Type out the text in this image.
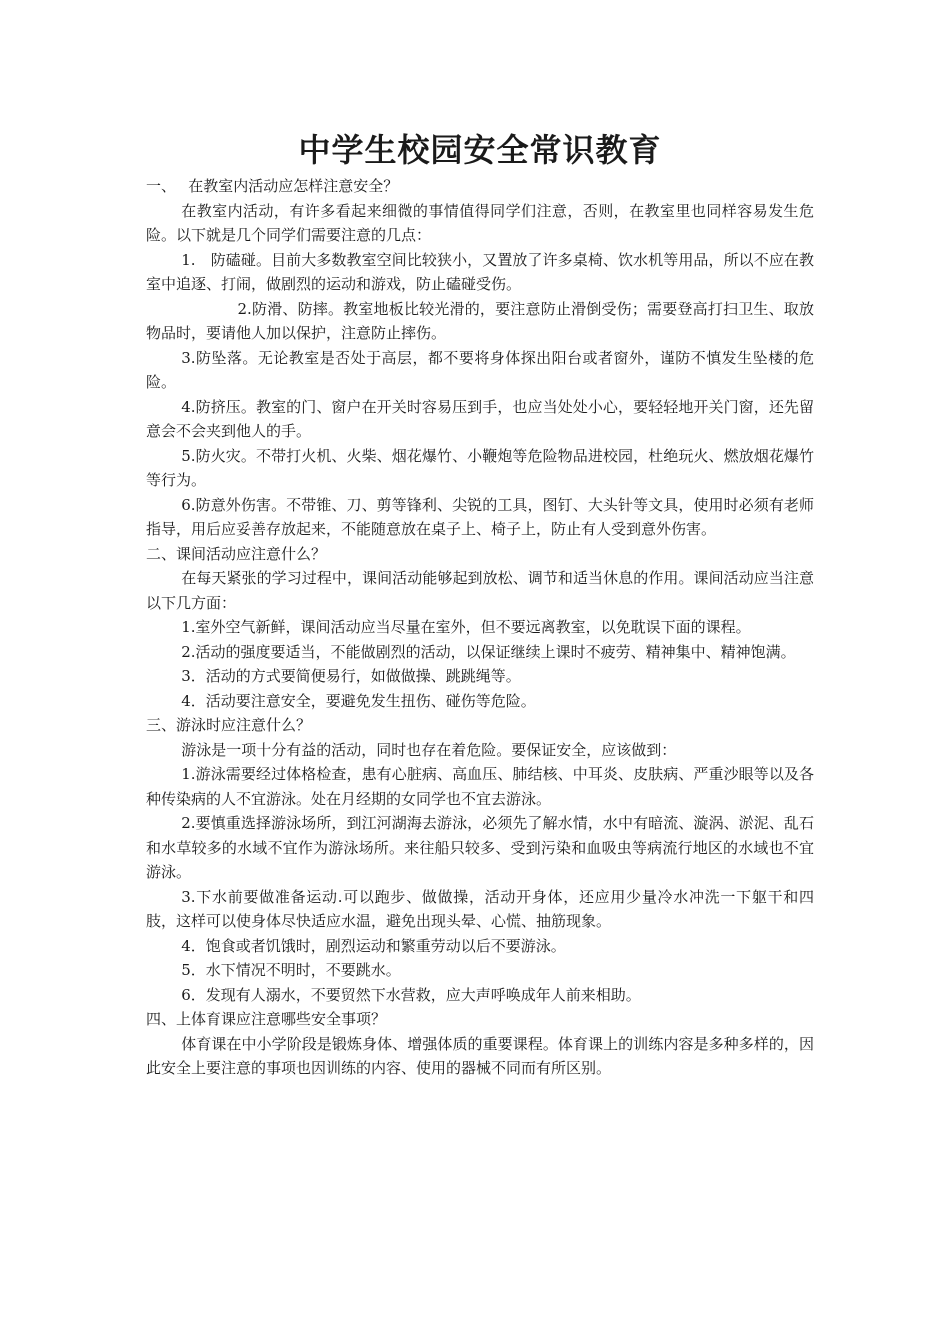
中学生校园安全常识教育

一、　 在教室内活动应怎样注意安全？

在教室内活动，有许多看起来细微的事情值得同学们注意，否则，在教室里也同样容易发生危险。以下就是几个同学们需要注意的几点：

1.　防磕碰。目前大多数教室空间比较狭小，又置放了许多桌椅、饮水机等用品，所以不应在教室中追逐、打闹，做剧烈的运动和游戏，防止磕碰受伤。

2.防滑、防摔。教室地板比较光滑的，要注意防止滑倒受伤；需要登高打扫卫生、取放物品时，要请他人加以保护，注意防止摔伤。

3.防坠落。无论教室是否处于高层，都不要将身体探出阳台或者窗外，谨防不慎发生坠楼的危险。

4.防挤压。教室的门、窗户在开关时容易压到手，也应当处处小心，要轻轻地开关门窗，还先留意会不会夹到他人的手。

5.防火灾。不带打火机、火柴、烟花爆竹、小鞭炮等危险物品进校园，杜绝玩火、燃放烟花爆竹等行为。

6.防意外伤害。不带锥、刀、剪等锋利、尖锐的工具，图钉、大头针等文具，使用时必须有老师指导，用后应妥善存放起来，不能随意放在桌子上、椅子上，防止有人受到意外伤害。

二、课间活动应注意什么？

在每天紧张的学习过程中，课间活动能够起到放松、调节和适当休息的作用。课间活动应当注意以下几方面：

1.室外空气新鲜，课间活动应当尽量在室外，但不要远离教室，以免耽误下面的课程。

2.活动的强度要适当，不能做剧烈的活动，以保证继续上课时不疲劳、精神集中、精神饱满。

3．活动的方式要简便易行，如做做操、跳跳绳等。

4．活动要注意安全，要避免发生扭伤、碰伤等危险。

三、游泳时应注意什么？

游泳是一项十分有益的活动，同时也存在着危险。要保证安全，应该做到：

1.游泳需要经过体格检查，患有心脏病、高血压、肺结核、中耳炎、皮肤病、严重沙眼等以及各种传染病的人不宜游泳。处在月经期的女同学也不宜去游泳。

2.要慎重选择游泳场所，到江河湖海去游泳，必须先了解水情，水中有暗流、漩涡、淤泥、乱石和水草较多的水域不宜作为游泳场所。来往船只较多、受到污染和血吸虫等病流行地区的水域也不宜游泳。

3.下水前要做准备运动.可以跑步、做做操，活动开身体，还应用少量冷水冲洗一下躯干和四肢，这样可以使身体尽快适应水温，避免出现头晕、心慌、抽筋现象。

4．饱食或者饥饿时，剧烈运动和繁重劳动以后不要游泳。

5．水下情况不明时，不要跳水。

6．发现有人溺水，不要贸然下水营救，应大声呼唤成年人前来相助。

四、上体育课应注意哪些安全事项？

体育课在中小学阶段是锻炼身体、增强体质的重要课程。体育课上的训练内容是多种多样的，因此安全上要注意的事项也因训练的内容、使用的器械不同而有所区别。
